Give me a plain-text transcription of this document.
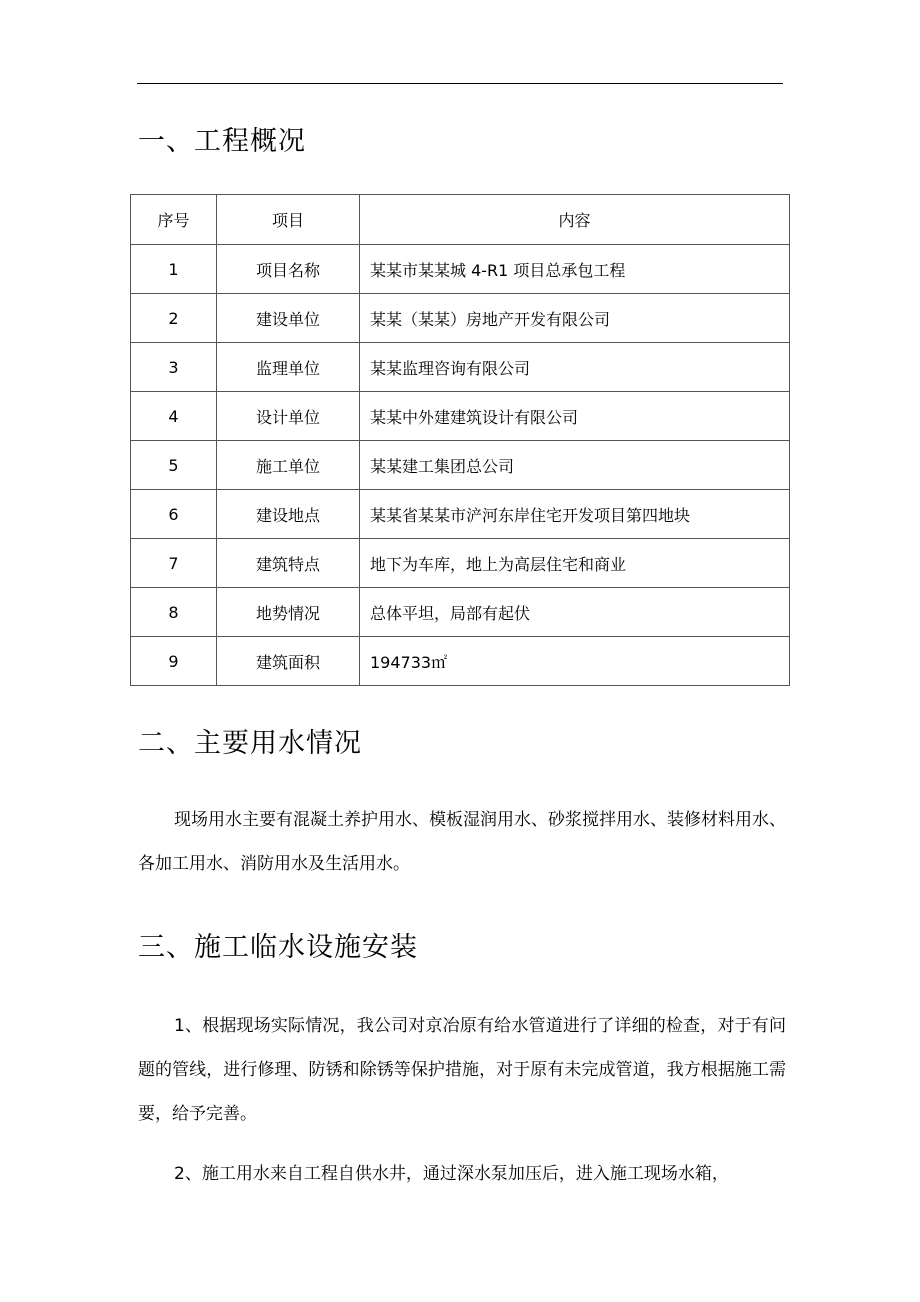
一、工程概况
序号	项目	内容
1	项目名称	某某市某某城 4-R1 项目总承包工程
2	建设单位	某某（某某）房地产开发有限公司
3	监理单位	某某监理咨询有限公司
4	设计单位	某某中外建建筑设计有限公司
5	施工单位	某某建工集团总公司
6	建设地点	某某省某某市浐河东岸住宅开发项目第四地块
7	建筑特点	地下为车库，地上为高层住宅和商业
8	地势情况	总体平坦，局部有起伏
9	建筑面积	194733㎡
二、主要用水情况

现场用水主要有混凝土养护用水、模板湿润用水、砂浆搅拌用水、装修材料用水、各加工用水、消防用水及生活用水。

三、施工临水设施安装

1、根据现场实际情况，我公司对京冶原有给水管道进行了详细的检查，对于有问题的管线，进行修理、防锈和除锈等保护措施，对于原有未完成管道，我方根据施工需要，给予完善。

2、施工用水来自工程自供水井，通过深水泵加压后，进入施工现场水箱，
